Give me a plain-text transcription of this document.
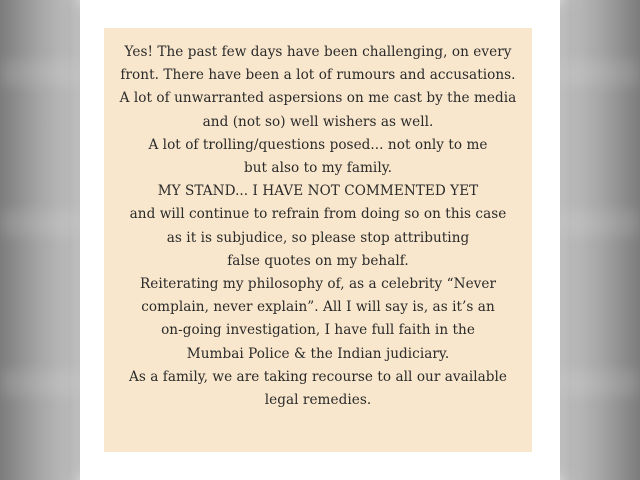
Yes! The past few days have been challenging, on every
front. There have been a lot of rumours and accusations.
A lot of unwarranted aspersions on me cast by the media
and (not so) well wishers as well.
A lot of trolling/questions posed... not only to me
but also to my family.
MY STAND... I HAVE NOT COMMENTED YET
and will continue to refrain from doing so on this case
as it is subjudice, so please stop attributing
false quotes on my behalf.
Reiterating my philosophy of, as a celebrity “Never
complain, never explain”. All I will say is, as it’s an
on-going investigation, I have full faith in the
Mumbai Police & the Indian judiciary.
As a family, we are taking recourse to all our available
legal remedies.
